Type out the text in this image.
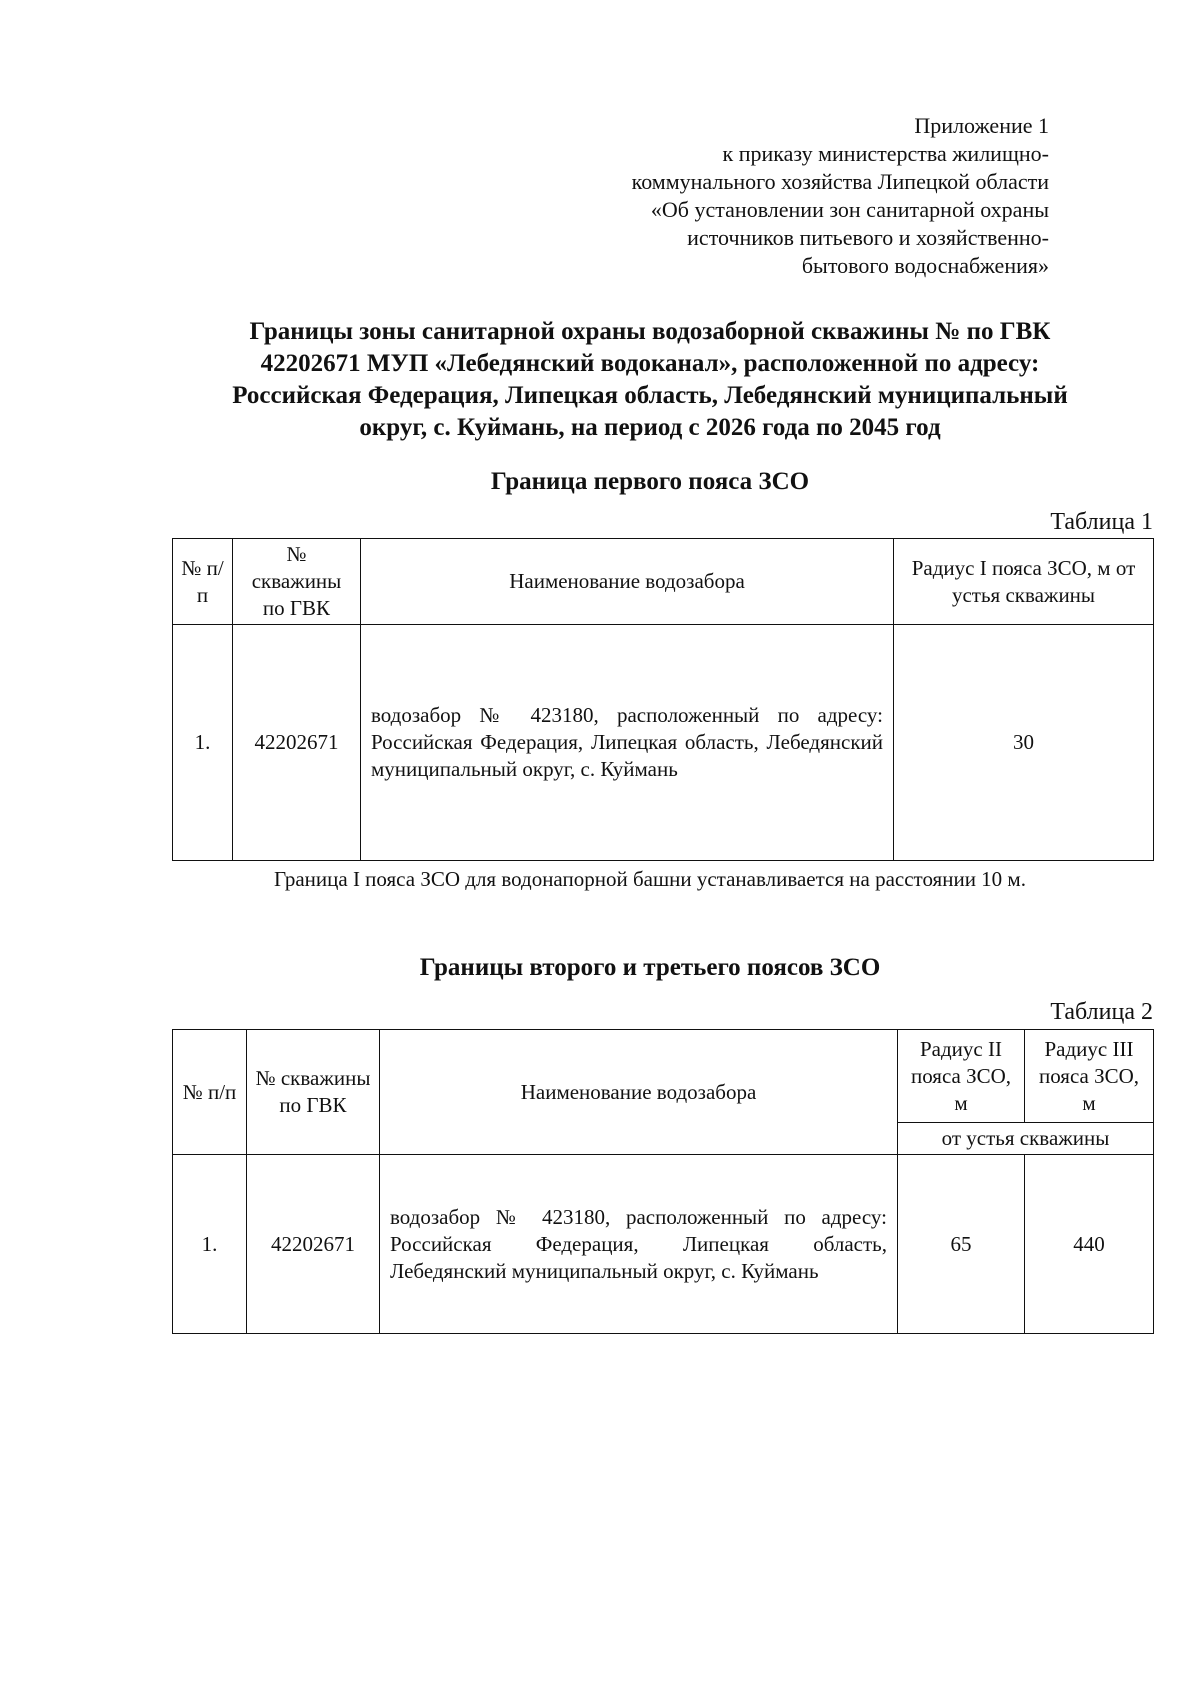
Приложение 1
к приказу министерства жилищно-
коммунального хозяйства Липецкой области
«Об установлении зон санитарной охраны
источников питьевого и хозяйственно-
бытового водоснабжения»
Границы зоны санитарной охраны водозаборной скважины № по ГВК
42202671 МУП «Лебедянский водоканал», расположенной по адресу:
Российская Федерация, Липецкая область, Лебедянский муниципальный
округ, с. Куймань, на период с 2026 года по 2045 год
Граница первого пояса ЗСО
Таблица 1
№ п/п	№ скважины по ГВК	Наименование водозабора	Радиус I пояса ЗСО, м от устья скважины
1.	42202671	водозабор № 423180, расположенный по адресу: Российская Федерация, Липецкая область, Лебедянский муниципальный округ, с. Куймань	30
Граница I пояса ЗСО для водонапорной башни устанавливается на расстоянии 10 м.
Границы второго и третьего поясов ЗСО
Таблица 2
№ п/п	№ скважины по ГВК	Наименование водозабора	Радиус II пояса ЗСО, м	Радиус III пояса ЗСО, м
			от устья скважины	
1.	42202671	водозабор № 423180, расположенный по адресу: Российская Федерация, Липецкая область, Лебедянский муниципальный округ, с. Куймань	65	440
